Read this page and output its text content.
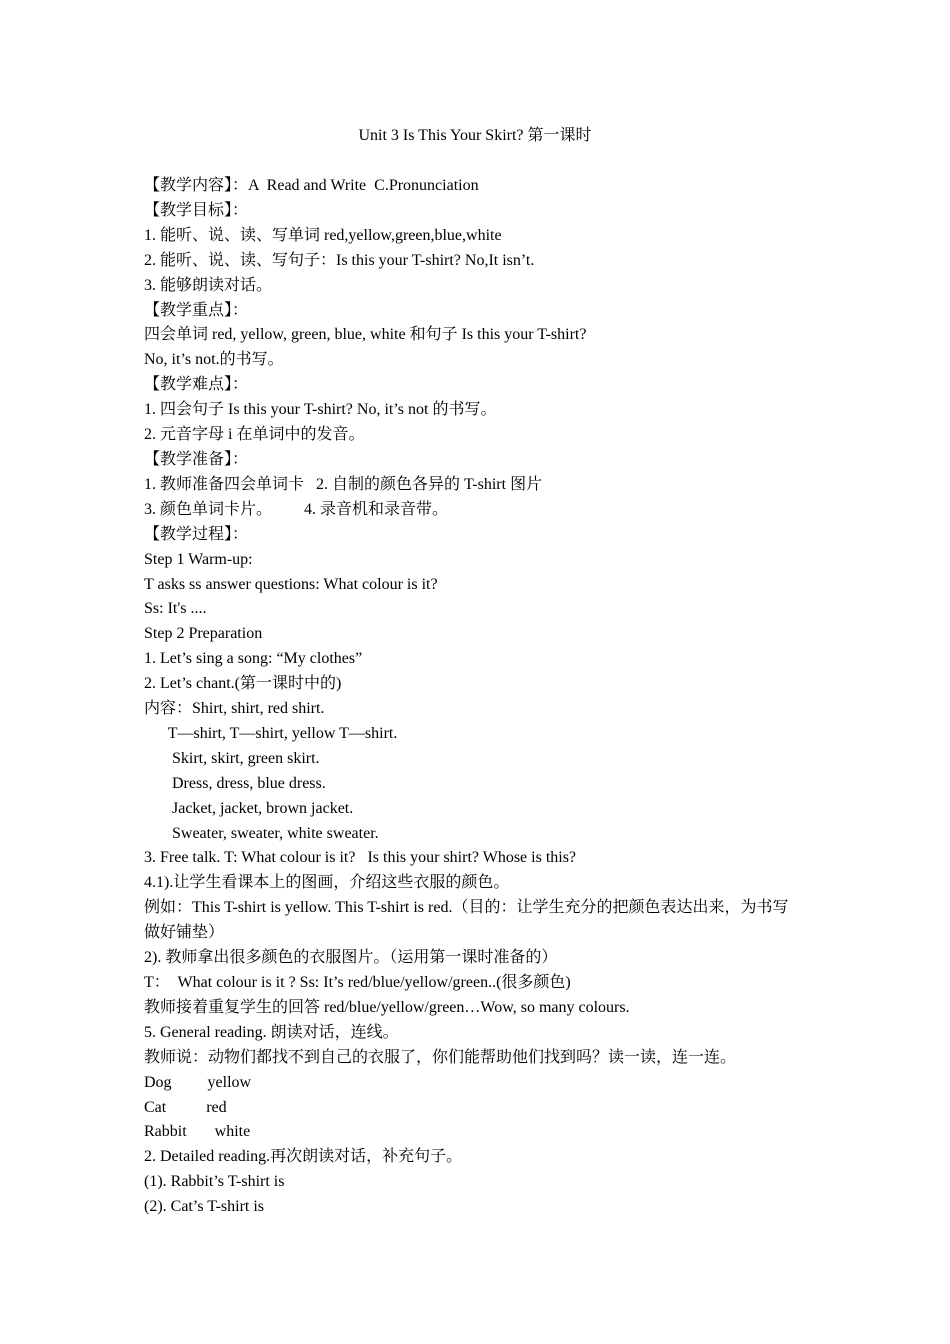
Unit 3 Is This Your Skirt? 第一课时

【教学内容】：A  Read and Write  C.Pronunciation

【教学目标】：

1. 能听、说、读、写单词 red,yellow,green,blue,white

2. 能听、说、读、写句子：Is this your T-shirt? No,It isn’t.

3. 能够朗读对话。

【教学重点】：

四会单词 red, yellow, green, blue, white 和句子 Is this your T-shirt?

No, it’s not.的书写。

【教学难点】：

1. 四会句子 Is this your T-shirt? No, it’s not 的书写。

2. 元音字母 i 在单词中的发音。

【教学准备】：

1. 教师准备四会单词卡   2. 自制的颜色各异的 T-shirt 图片

3. 颜色单词卡片。        4. 录音机和录音带。

【教学过程】：

Step 1 Warm-up:

T asks ss answer questions: What colour is it?

Ss: It's ....

Step 2 Preparation

1. Let’s sing a song: “My clothes”

2. Let’s chant.(第一课时中的)

内容：Shirt, shirt, red shirt.

T—shirt, T—shirt, yellow T—shirt.

Skirt, skirt, green skirt.

Dress, dress, blue dress.

Jacket, jacket, brown jacket.

Sweater, sweater, white sweater.

3. Free talk. T: What colour is it?   Is this your shirt? Whose is this?

4.1).让学生看课本上的图画，介绍这些衣服的颜色。

例如：This T-shirt is yellow. This T-shirt is red.（目的：让学生充分的把颜色表达出来，为书写

做好铺垫）

2). 教师拿出很多颜色的衣服图片。（运用第一课时准备的）

T：  What colour is it ? Ss: It’s red/blue/yellow/green..(很多颜色)

教师接着重复学生的回答 red/blue/yellow/green…Wow, so many colours.

5. General reading. 朗读对话，连线。

教师说：动物们都找不到自己的衣服了，你们能帮助他们找到吗？读一读，连一连。

Dog         yellow

Cat          red

Rabbit       white

2. Detailed reading.再次朗读对话，补充句子。

(1). Rabbit’s T-shirt is

(2). Cat’s T-shirt is
